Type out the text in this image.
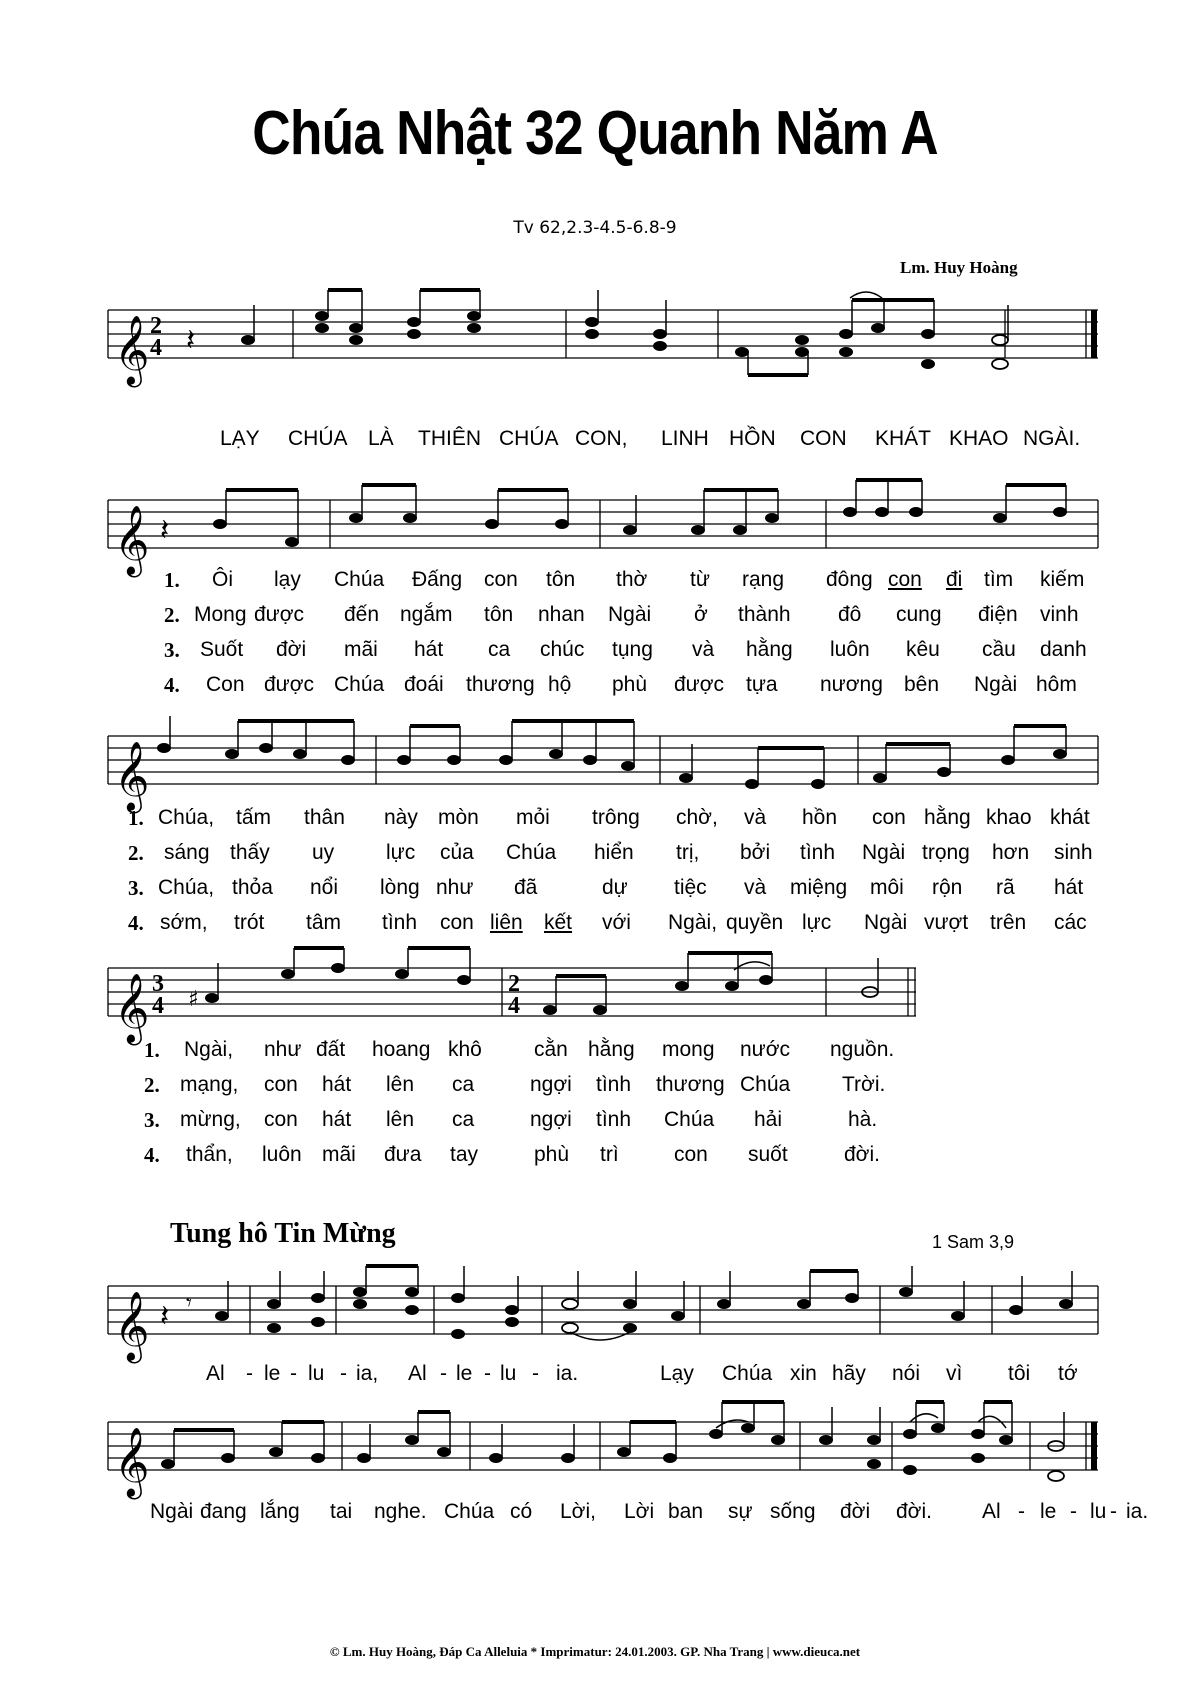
Chúa Nhật 32 Quanh Năm A
Tv 62,2.3-4.5-6.8-9
Lm. Huy Hoàng
𝄞 2 4 𝄽
LẠY CHÚA LÀ THIÊN CHÚA CON, LINH HỒN CON KHÁT KHAO NGÀI.
𝄞 𝄽
1.
2.
3.
4.
Ôi lạy Chúa Đấng con tôn thờ từ rạng đông con đi tìm kiếm
Mong được đến ngắm tôn nhan Ngài ở thành đô cung điện vinh
Suốt đời mãi hát ca chúc tụng và hằng luôn kêu cầu danh
Con được Chúa đoái thương hộ phù được tựa nương bên Ngài hôm
𝄞
1.
2.
3.
4.
Chúa, tấm thân này mòn mỏi trông chờ, và hồn con hằng khao khát
sáng thấy uy lực của Chúa hiển trị, bởi tình Ngài trọng hơn sinh
Chúa, thỏa nổi lòng như đã	dự tiệc và miệng môi rộn rã hát
sớm, trót tâm tình con liên kết với Ngài, quyền lực Ngài vượt trên các
𝄞 3 4
2 4
♯
1.
2.
3.
4.
Ngài, như đất hoang khô cằn hằng mong nước nguồn.
mạng, con hát lên ca	ngợi tình thương Chúa Trời.
mừng, con hát lên ca	ngợi tình Chúa hải	hà.
thẩn, luôn mãi đưa tay	phù trì	con suốt	đời.
Tung hô Tin Mừng	1 Sam 3,9
𝄞 𝄽 𝄾
Al - le - lu - ia, Al - le - lu - ia.	Lạy Chúa xin hãy nói vì tôi tớ
𝄞
Ngài đang lắng tai nghe. Chúa có Lời, Lời ban sự sống đời đời. Al - le - lu - ia.
© Lm. Huy Hoàng, Đáp Ca Alleluia * Imprimatur: 24.01.2003. GP. Nha Trang | www.dieuca.net
